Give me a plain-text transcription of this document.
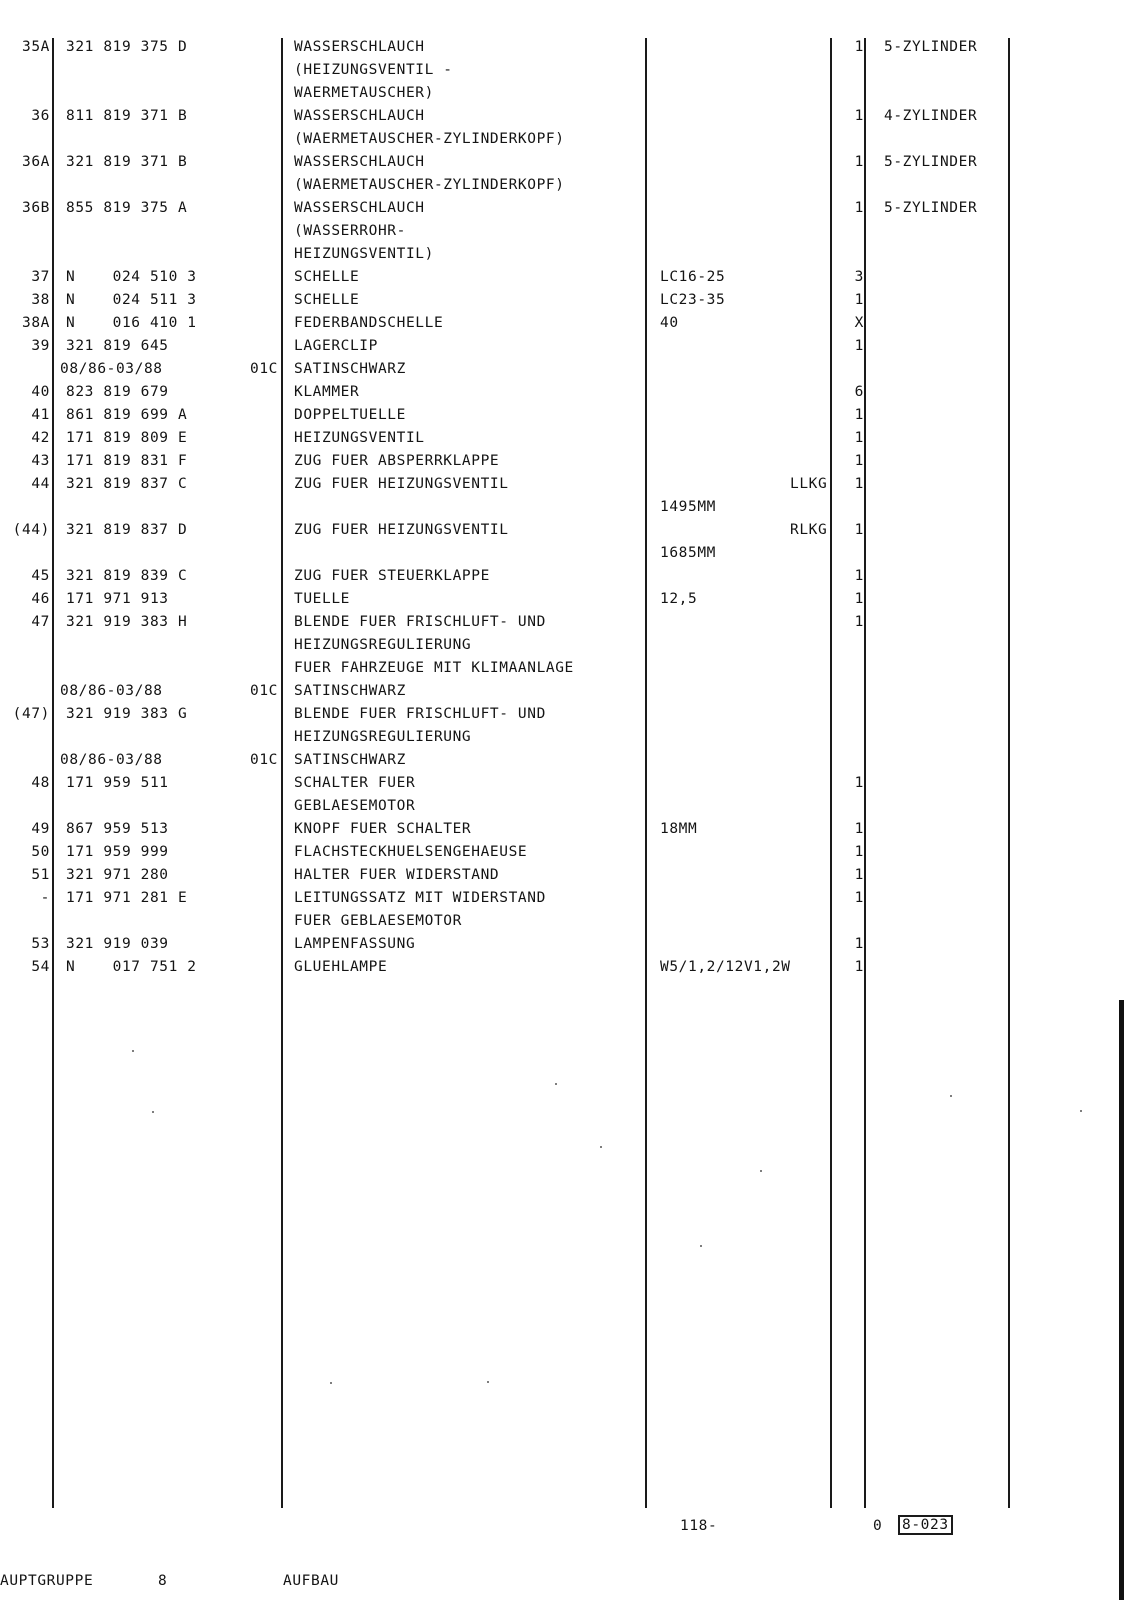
35A 321 819 375 D	WASSERSCHLAUCH	1 5-ZYLINDER
(HEIZUNGSVENTIL -
WAERMETAUSCHER)
36 811 819 371 B	WASSERSCHLAUCH	1 4-ZYLINDER
(WAERMETAUSCHER-ZYLINDERKOPF)
36A 321 819 371 B	WASSERSCHLAUCH	1 5-ZYLINDER
(WAERMETAUSCHER-ZYLINDERKOPF)
36B 855 819 375 A	WASSERSCHLAUCH	1 5-ZYLINDER
(WASSERROHR-
HEIZUNGSVENTIL)
37 N    024 510 3	SCHELLE	LC16-25	3
38 N    024 511 3	SCHELLE	LC23-35	1
38A N    016 410 1	FEDERBANDSCHELLE	40	X
39 321 819 645	LAGERCLIP	1
08/86-03/88	01C SATINSCHWARZ
40 823 819 679	KLAMMER	6
41 861 819 699 A	DOPPELTUELLE	1
42 171 819 809 E	HEIZUNGSVENTIL	1
43 171 819 831 F	ZUG FUER ABSPERRKLAPPE	1
44 321 819 837 C	ZUG FUER HEIZUNGSVENTIL	LLKG	1
1495MM
(44) 321 819 837 D	ZUG FUER HEIZUNGSVENTIL	RLKG	1
1685MM
45 321 819 839 C	ZUG FUER STEUERKLAPPE	1
46 171 971 913	TUELLE	12,5	1
47 321 919 383 H	BLENDE FUER FRISCHLUFT- UND	1
HEIZUNGSREGULIERUNG
FUER FAHRZEUGE MIT KLIMAANLAGE
08/86-03/88	01C SATINSCHWARZ
(47) 321 919 383 G	BLENDE FUER FRISCHLUFT- UND
HEIZUNGSREGULIERUNG
08/86-03/88	01C SATINSCHWARZ
48 171 959 511	SCHALTER FUER	1
GEBLAESEMOTOR
49 867 959 513	KNOPF FUER SCHALTER	18MM	1
50 171 959 999	FLACHSTECKHUELSENGEHAEUSE	1
51 321 971 280	HALTER FUER WIDERSTAND	1
- 171 971 281 E	LEITUNGSSATZ MIT WIDERSTAND	1
FUER GEBLAESEMOTOR
53 321 919 039	LAMPENFASSUNG	1
54 N    017 751 2	GLUEHLAMPE	W5/1,2/12V1,2W	1
118-	0 8-023
AUPTGRUPPE	8	AUFBAU
